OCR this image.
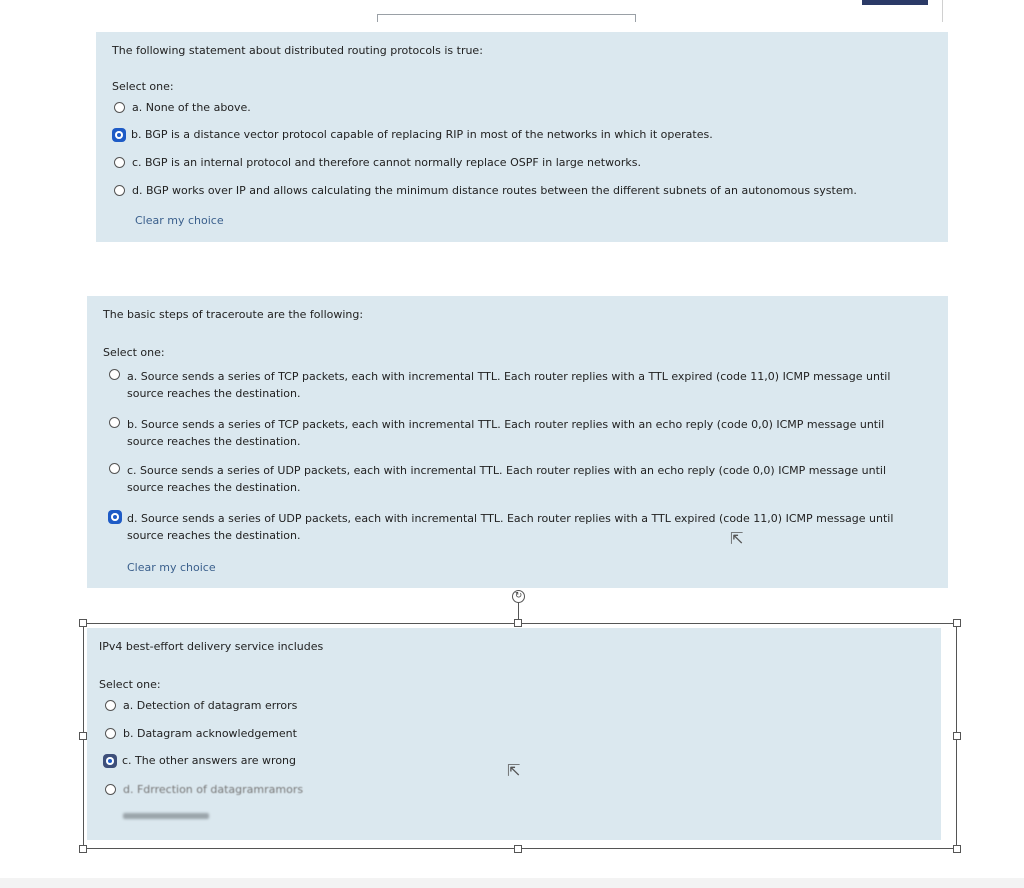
The following statement about distributed routing protocols is true:
Select one:
a. None of the above.
b. BGP is a distance vector protocol capable of replacing RIP in most of the networks in which it operates.
c. BGP is an internal protocol and therefore cannot normally replace OSPF in large networks.
d. BGP works over IP and allows calculating the minimum distance routes between the different subnets of an autonomous system.
Clear my choice
The basic steps of traceroute are the following:
Select one:
a. Source sends a series of TCP packets, each with incremental TTL. Each router replies with a TTL expired (code 11,0) ICMP message until source reaches the destination.
b. Source sends a series of TCP packets, each with incremental TTL. Each router replies with an echo reply (code 0,0) ICMP message until source reaches the destination.
c. Source sends a series of UDP packets, each with incremental TTL. Each router replies with an echo reply (code 0,0) ICMP message until source reaches the destination.
d. Source sends a series of UDP packets, each with incremental TTL. Each router replies with a TTL expired (code 11,0) ICMP message until source reaches the destination.
Clear my choice
⇱
IPv4 best-effort delivery service includes
Select one:
a. Detection of datagram errors
b. Datagram acknowledgement
c. The other answers are wrong
d. Fdrrection of datagramramors
⇱
↻
